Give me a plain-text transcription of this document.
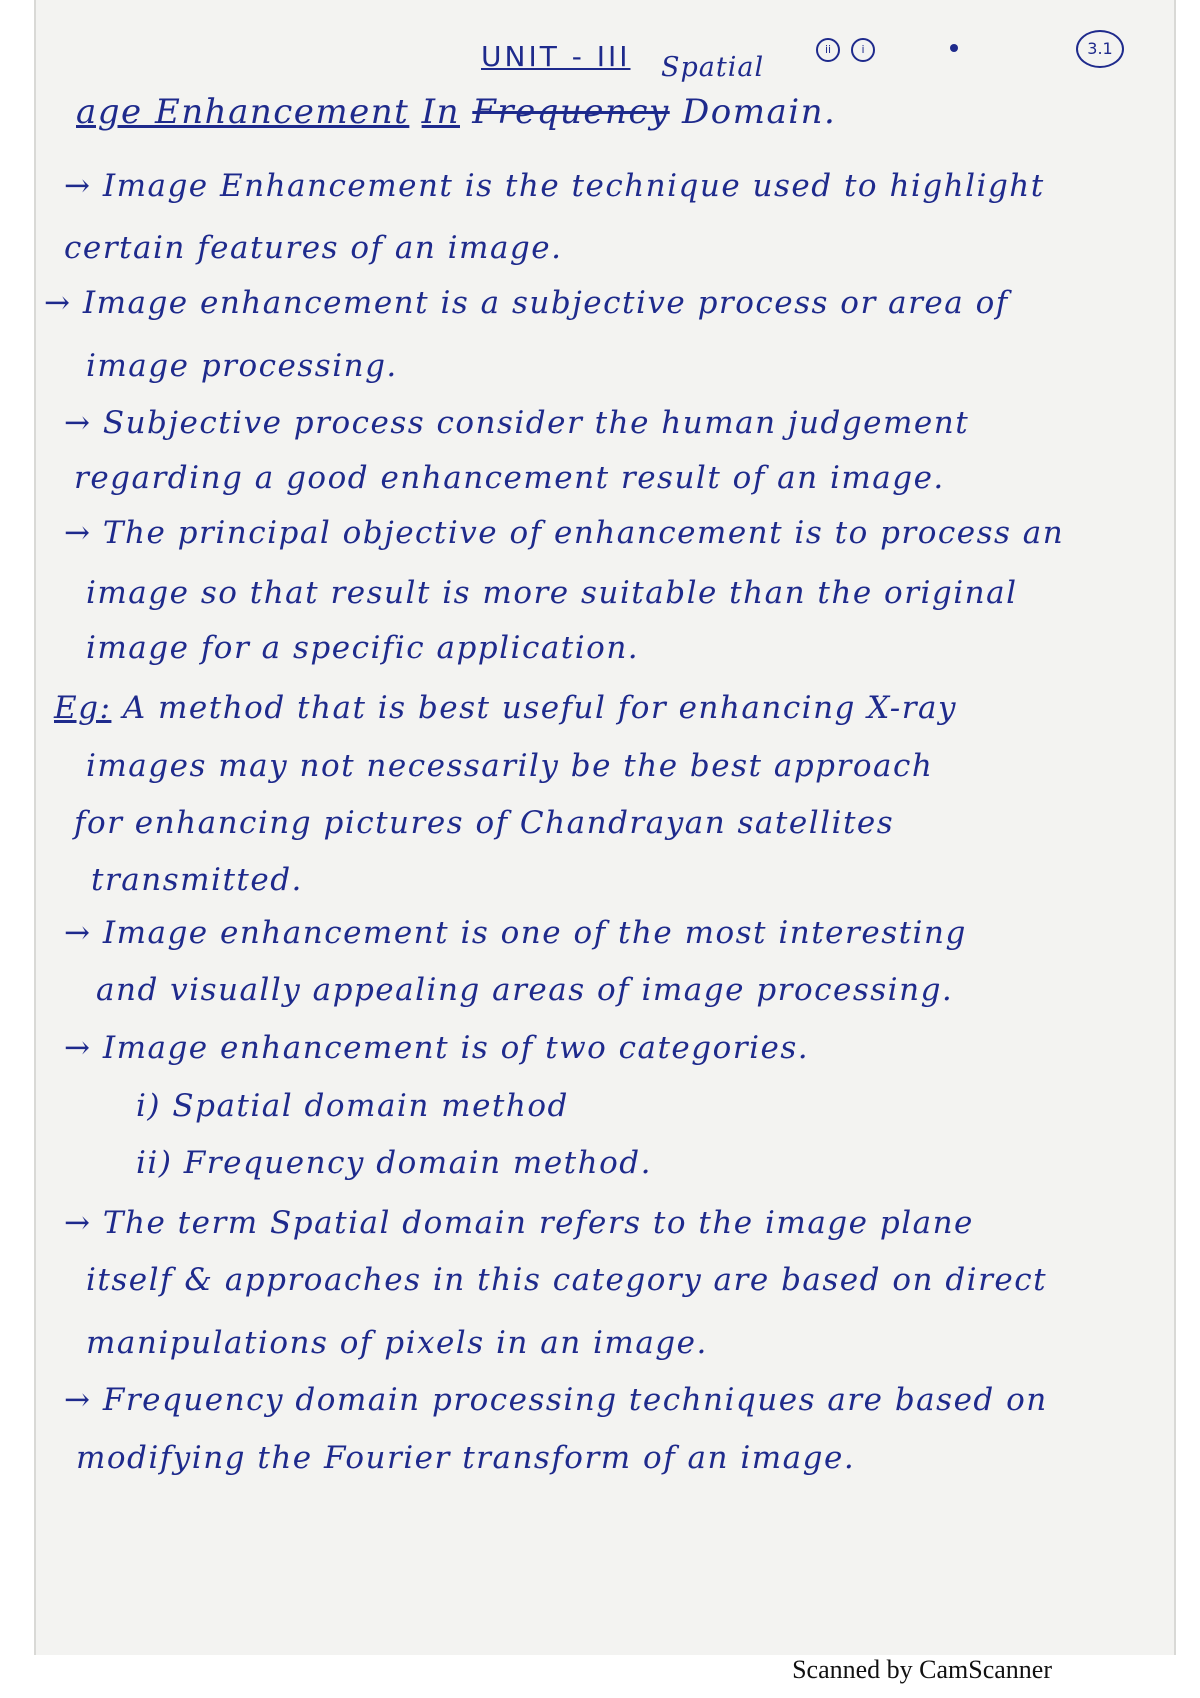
UNIT - III	ii	i	3.1
Spatial
age Enhancement In Frequency Domain.
→ Image Enhancement is the technique used to highlight
certain features of an image.
→ Image enhancement is a subjective process or area of
image processing.
→ Subjective process consider the human judgement
regarding a good enhancement result of an image.
→ The principal objective of enhancement is to process an
image so that result is more suitable than the original
image for a specific application.
Eg: A method that is best useful for enhancing X-ray
images may not necessarily be the best approach
for enhancing pictures of Chandrayan satellites
transmitted.
→ Image enhancement is one of the most interesting
and visually appealing areas of image processing.
→ Image enhancement is of two categories.
i) Spatial domain method
ii) Frequency domain method.
→ The term Spatial domain refers to the image plane
itself & approaches in this category are based on direct
manipulations of pixels in an image.
→ Frequency domain processing techniques are based on
modifying the Fourier transform of an image.
Scanned by CamScanner
